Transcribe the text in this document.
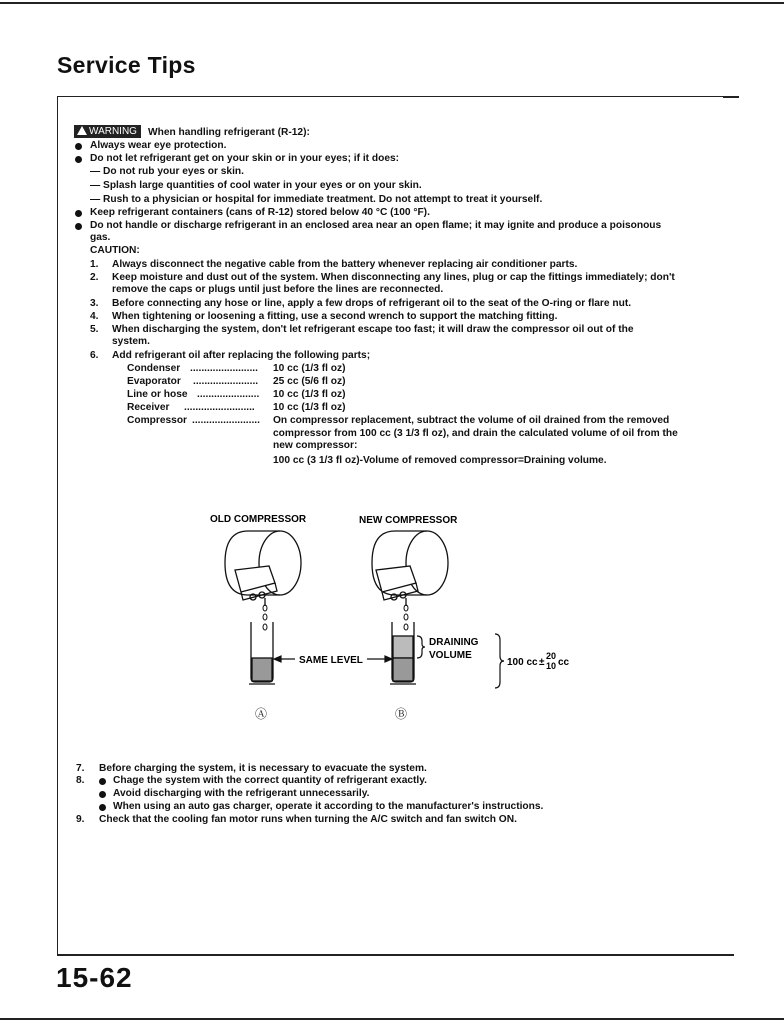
Service Tips
WARNING	When handling refrigerant (R-12):
Always wear eye protection.
Do not let refrigerant get on your skin or in your eyes; if it does:
— Do not rub your eyes or skin.
— Splash large quantities of cool water in your eyes or on your skin.
— Rush to a physician or hospital for immediate treatment. Do not attempt to treat it yourself.
Keep refrigerant containers (cans of R-12) stored below 40 °C (100 °F).
Do not handle or discharge refrigerant in an enclosed area near an open flame; it may ignite and produce a poisonous
gas.
CAUTION:
1. Always disconnect the negative cable from the battery whenever replacing air conditioner parts.
2. Keep moisture and dust out of the system. When disconnecting any lines, plug or cap the fittings immediately; don't
remove the caps or plugs until just before the lines are reconnected.
3. Before connecting any hose or line, apply a few drops of refrigerant oil to the seat of the O-ring or flare nut.
4. When tightening or loosening a fitting, use a second wrench to support the matching fitting.
5. When discharging the system, don't let refrigerant escape too fast; it will draw the compressor oil out of the
system.
6. Add refrigerant oil after replacing the following parts;
Condenser ........................ 10 cc (1/3 fl oz)
Evaporator ....................... 25 cc (5/6 fl oz)
Line or hose ...................... 10 cc (1/3 fl oz)
Receiver ......................... 10 cc (1/3 fl oz)
Compressor ........................ On compressor replacement, subtract the volume of oil drained from the removed
compressor from 100 cc (3 1/3 fl oz), and drain the calculated volume of oil from the
new compressor:
100 cc (3 1/3 fl oz)-Volume of removed compressor=Draining volume.
OLD COMPRESSOR	NEW COMPRESSOR
SAME LEVEL
DRAINING
VOLUME
100 cc ±
20
10 cc
Ⓐ	Ⓑ
7. Before charging the system, it is necessary to evacuate the system.
8.	Chage the system with the correct quantity of refrigerant exactly.
Avoid discharging with the refrigerant unnecessarily.
When using an auto gas charger, operate it according to the manufacturer's instructions.
9. Check that the cooling fan motor runs when turning the A/C switch and fan switch ON.
15-62
